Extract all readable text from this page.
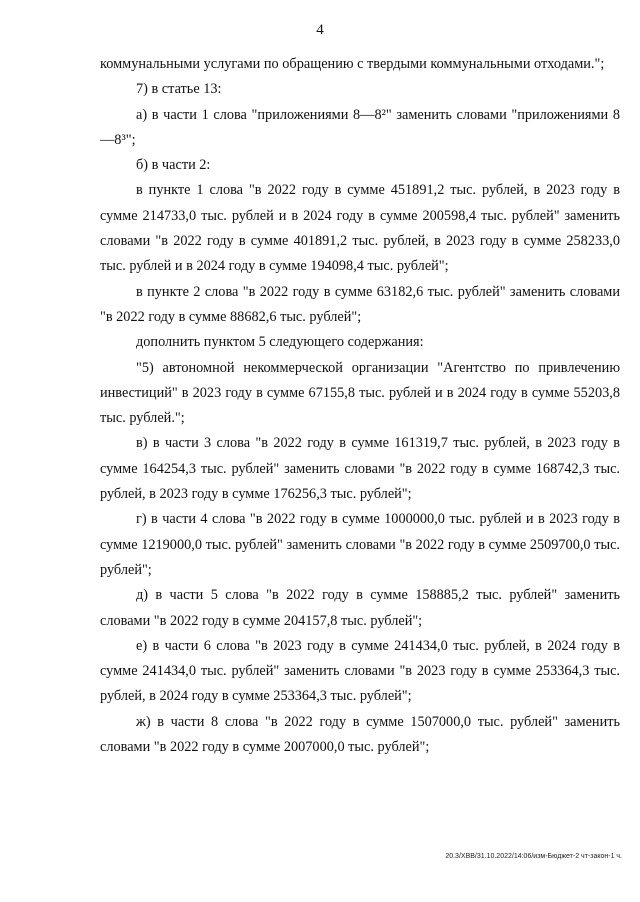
4

коммунальными услугами по обращению с твердыми коммунальными отходами.";

7) в статье 13:

а) в части 1 слова "приложениями 8—8²" заменить словами "приложениями 8—8³";

б) в части 2:

в пункте 1 слова "в 2022 году в сумме 451891,2 тыс. рублей, в 2023 году в сумме 214733,0 тыс. рублей и в 2024 году в сумме 200598,4 тыс. рублей" заменить словами "в 2022 году в сумме 401891,2 тыс. рублей, в 2023 году в сумме 258233,0 тыс. рублей и в 2024 году в сумме 194098,4 тыс. рублей";

в пункте 2 слова "в 2022 году в сумме 63182,6 тыс. рублей" заменить словами "в 2022 году в сумме 88682,6 тыс. рублей";

дополнить пунктом 5 следующего содержания:

"5) автономной некоммерческой организации "Агентство по привлечению инвестиций" в 2023 году в сумме 67155,8 тыс. рублей и в 2024 году в сумме 55203,8 тыс. рублей.";

в) в части 3 слова "в 2022 году в сумме 161319,7 тыс. рублей, в 2023 году в сумме 164254,3 тыс. рублей" заменить словами "в 2022 году в сумме 168742,3 тыс. рублей, в 2023 году в сумме 176256,3 тыс. рублей";

г) в части 4 слова "в 2022 году в сумме 1000000,0 тыс. рублей и в 2023 году в сумме 1219000,0 тыс. рублей" заменить словами "в 2022 году в сумме 2509700,0 тыс. рублей";

д) в части 5 слова "в 2022 году в сумме 158885,2 тыс. рублей" заменить словами "в 2022 году в сумме 204157,8 тыс. рублей";

е) в части 6 слова "в 2023 году в сумме 241434,0 тыс. рублей, в 2024 году в сумме 241434,0 тыс. рублей" заменить словами "в 2023 году в сумме 253364,3 тыс. рублей, в 2024 году в сумме 253364,3 тыс. рублей";

ж) в части 8 слова "в 2022 году в сумме 1507000,0 тыс. рублей" заменить словами "в 2022 году в сумме 2007000,0 тыс. рублей";

20.3/ХВВ/31.10.2022/14:06/изм-Бюджет-2 чт-закон-1 ч.
